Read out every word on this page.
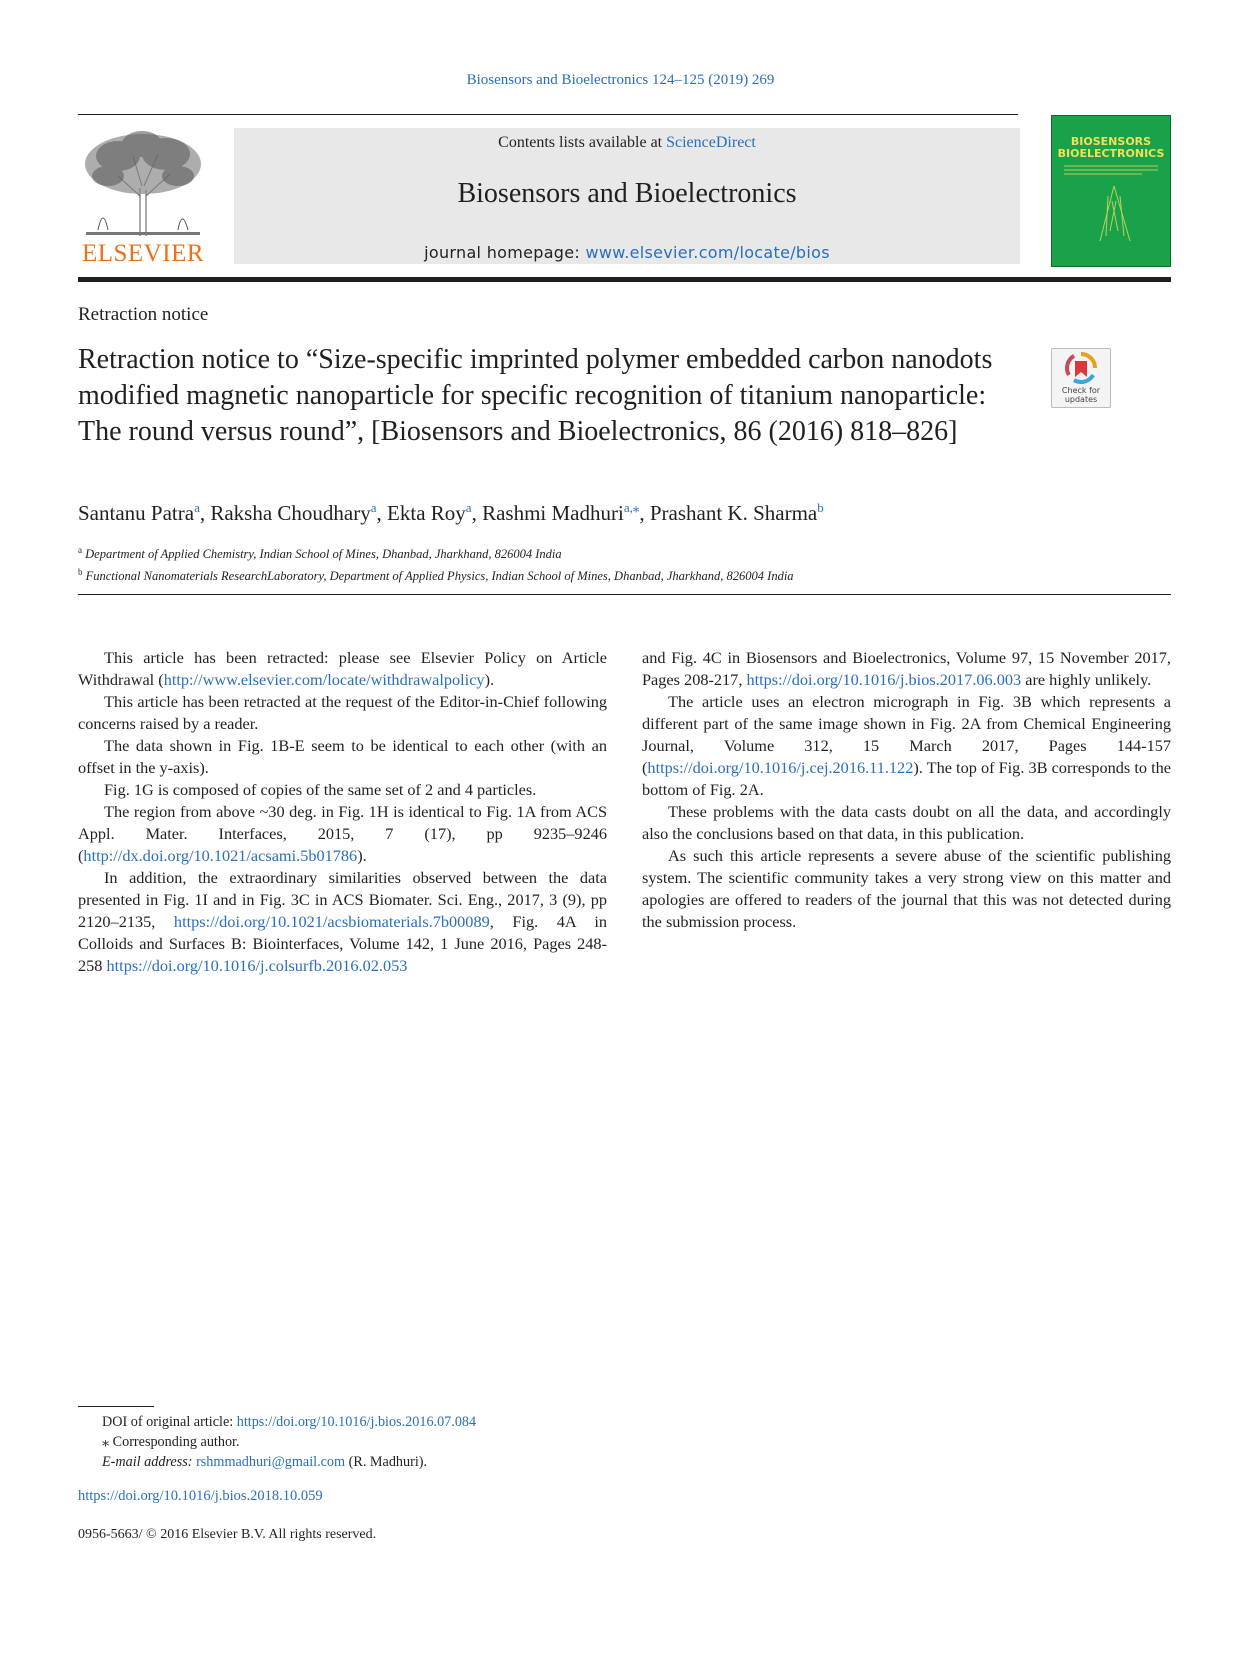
Biosensors and Bioelectronics 124–125 (2019) 269
ELSEVIER
Contents lists available at ScienceDirect
Biosensors and Bioelectronics
journal homepage: www.elsevier.com/locate/bios
BIOSENSORS
BIOELECTRONICS
Retraction notice
Retraction notice to “Size-specific imprinted polymer embedded carbon nanodots modified magnetic nanoparticle for specific recognition of titanium nanoparticle: The round versus round”, [Biosensors and Bioelectronics, 86 (2016) 818–826]
Check for
updates
Santanu Patra$^a$, Raksha Choudhary$^a$, Ekta Roy$^a$, Rashmi Madhuri$^{a,⁎}$, Prashant K. Sharma$^b$
$^a$ Department of Applied Chemistry, Indian School of Mines, Dhanbad, Jharkhand, 826004 India
$^b$ Functional Nanomaterials ResearchLaboratory, Department of Applied Physics, Indian School of Mines, Dhanbad, Jharkhand, 826004 India

This article has been retracted: please see Elsevier Policy on Article Withdrawal (http://www.elsevier.com/locate/withdrawalpolicy).

This article has been retracted at the request of the Editor-in-Chief following concerns raised by a reader.

The data shown in Fig. 1B-E seem to be identical to each other (with an offset in the y-axis).

Fig. 1G is composed of copies of the same set of 2 and 4 particles.

The region from above ~30 deg. in Fig. 1H is identical to Fig. 1A from ACS Appl. Mater. Interfaces, 2015, 7 (17), pp 9235–9246 (http://dx.doi.org/10.1021/acsami.5b01786).

In addition, the extraordinary similarities observed between the data presented in Fig. 1I and in Fig. 3C in ACS Biomater. Sci. Eng., 2017, 3 (9), pp 2120–2135, https://doi.org/10.1021/acsbiomaterials.7b00089, Fig. 4A in Colloids and Surfaces B: Biointerfaces, Volume 142, 1 June 2016, Pages 248-258 https://doi.org/10.1016/j.colsurfb.2016.02.053

and Fig. 4C in Biosensors and Bioelectronics, Volume 97, 15 November 2017, Pages 208-217, https://doi.org/10.1016/j.bios.2017.06.003 are highly unlikely.

The article uses an electron micrograph in Fig. 3B which represents a different part of the same image shown in Fig. 2A from Chemical Engineering Journal, Volume 312, 15 March 2017, Pages 144-157 (https://doi.org/10.1016/j.cej.2016.11.122). The top of Fig. 3B corresponds to the bottom of Fig. 2A.

These problems with the data casts doubt on all the data, and accordingly also the conclusions based on that data, in this publication.

As such this article represents a severe abuse of the scientific publishing system. The scientific community takes a very strong view on this matter and apologies are offered to readers of the journal that this was not detected during the submission process.

DOI of original article: https://doi.org/10.1016/j.bios.2016.07.084
⁎ Corresponding author.
E-mail address: rshmmadhuri@gmail.com (R. Madhuri).
https://doi.org/10.1016/j.bios.2018.10.059
0956-5663/ © 2016 Elsevier B.V. All rights reserved.
